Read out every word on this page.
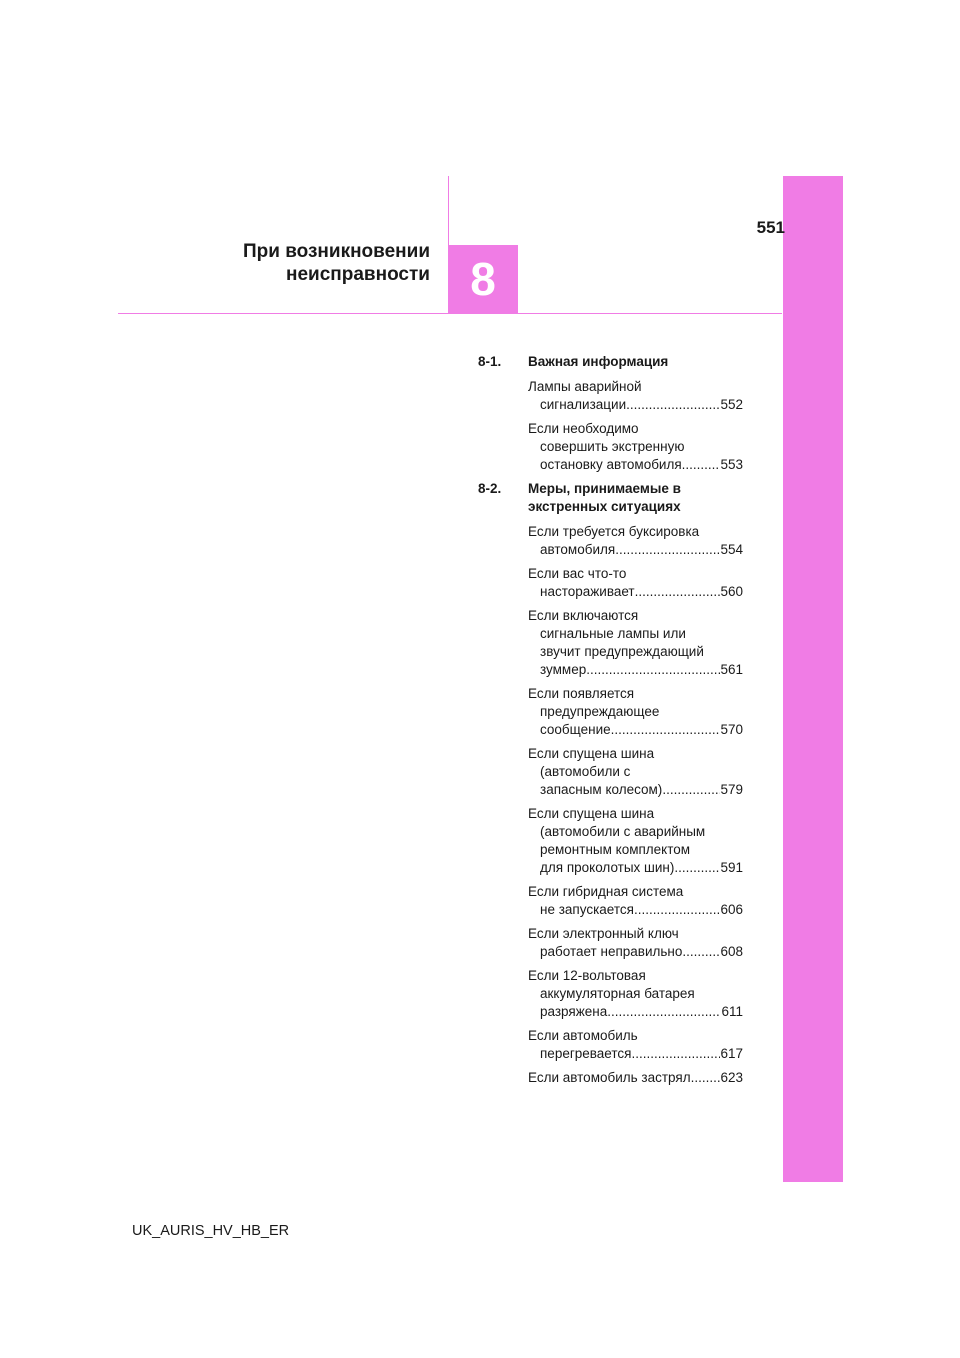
551
При возникновении
неисправности 8
8-1.	Важная информация
Лампы аварийной
сигнализации .....	552
Если необходимо
совершить экстренную
остановку автомобиля .....	553
8-2.	Меры, принимаемые в экстренных ситуациях
Если требуется буксировка
автомобиля .....	554
Если вас что-то
настораживает .....	560
Если включаются
сигнальные лампы или
звучит предупреждающий
зуммер .....	561
Если появляется
предупреждающее
сообщение .....	570
Если спущена шина
(автомобили с
запасным колесом) .....	579
Если спущена шина
(автомобили с аварийным
ремонтным комплектом
для проколотых шин) .....	591
Если гибридная система
не запускается .....	606
Если электронный ключ
работает неправильно .....	608
Если 12-вольтовая
аккумуляторная батарея
разряжена .....	611
Если автомобиль
перегревается .....	617
Если автомобиль застрял ..... 623
UK_AURIS_HV_HB_ER
